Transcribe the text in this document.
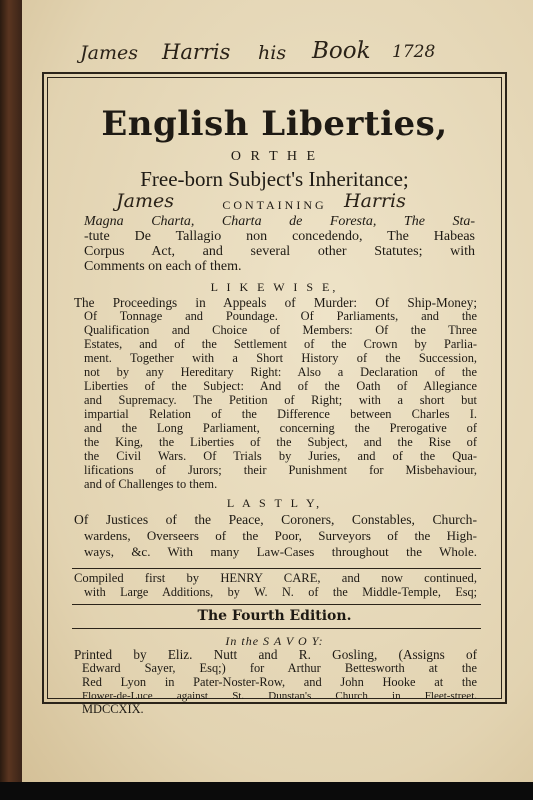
James Harris his Book 1728
English Liberties,
O R T H E
Free-born Subject's Inheritance;
CONTAINING
James	Harris
Magna Charta, Charta de Foresta, The Sta-
-tute De Tallagio non concedendo, The Habeas
Corpus Act, and several other Statutes; with
Comments on each of them.
L I K E W I S E,
The Proceedings in Appeals of Murder: Of Ship-Money;
Of Tonnage and Poundage. Of Parliaments, and the
Qualification and Choice of Members: Of the Three
Estates, and of the Settlement of the Crown by Parlia-
ment. Together with a Short History of the Succession,
not by any Hereditary Right: Also a Declaration of the
Liberties of the Subject: And of the Oath of Allegiance
and Supremacy. The Petition of Right; with a short but
impartial Relation of the Difference between Charles I.
and the Long Parliament, concerning the Prerogative of
the King, the Liberties of the Subject, and the Rise of
the Civil Wars. Of Trials by Juries, and of the Qua-
lifications of Jurors; their Punishment for Misbehaviour,
and of Challenges to them.
L A S T L Y,
Of Justices of the Peace, Coroners, Constables, Church-
wardens, Overseers of the Poor, Surveyors of the High-
ways, &c. With many Law-Cases throughout the Whole.
Compiled first by HENRY CARE, and now continued,
with Large Additions, by W. N. of the Middle-Temple, Esq;
The Fourth Edition.
In the S A V O Y:
Printed by Eliz. Nutt and R. Gosling, (Assigns of
Edward Sayer, Esq;) for Arthur Bettesworth at the
Red Lyon in Pater-Noster-Row, and John Hooke at the
Flower-de-Luce against St. Dunstan's Church in Fleet-street.
MDCCXIX.
